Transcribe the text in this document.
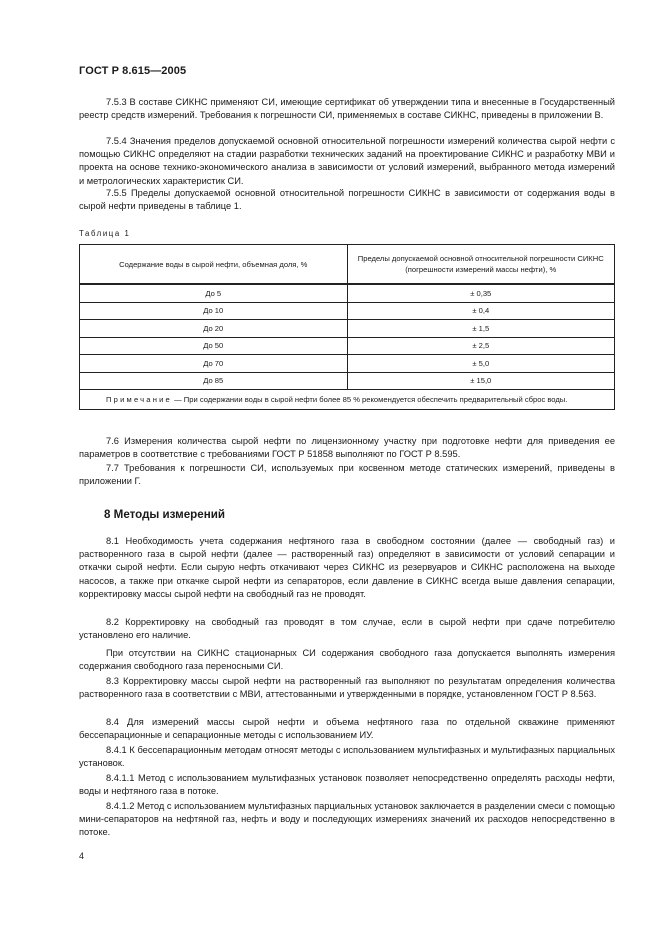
ГОСТ Р 8.615—2005

7.5.3 В составе СИКНС применяют СИ, имеющие сертификат об утверждении типа и внесенные в Государственный реестр средств измерений. Требования к погрешности СИ, применяемых в составе СИКНС, приведены в приложении В.

7.5.4 Значения пределов допускаемой основной относительной погрешности измерений количества сырой нефти с помощью СИКНС определяют на стадии разработки технических заданий на проектирование СИКНС и разработку МВИ и проекта на основе технико-экономического анализа в зависимости от условий измерений, выбранного метода измерений и метрологических характеристик СИ.

7.5.5 Пределы допускаемой основной относительной погрешности СИКНС в зависимости от содержания воды в сырой нефти приведены в таблице 1.

Таблица 1
Содержание воды в сырой нефти, объемная доля, %	Пределы допускаемой основной относительной погрешности СИКНС (погрешности измерений массы нефти), %
До 5	± 0,35
До 10	± 0,4
До 20	± 1,5
До 50	± 2,5
До 70	± 5,0
До 85	± 15,0
Примечание — При содержании воды в сырой нефти более 85 % рекомендуется обеспечить предварительный сброс воды.	

7.6 Измерения количества сырой нефти по лицензионному участку при подготовке нефти для приведения ее параметров в соответствие с требованиями ГОСТ Р 51858 выполняют по ГОСТ Р 8.595.

7.7 Требования к погрешности СИ, используемых при косвенном методе статических измерений, приведены в приложении Г.

8 Методы измерений

8.1 Необходимость учета содержания нефтяного газа в свободном состоянии (далее — свободный газ) и растворенного газа в сырой нефти (далее — растворенный газ) определяют в зависимости от условий сепарации и откачки сырой нефти. Если сырую нефть откачивают через СИКНС из резервуаров и СИКНС расположена на выходе насосов, а также при откачке сырой нефти из сепараторов, если давление в СИКНС всегда выше давления сепарации, корректировку массы сырой нефти на свободный газ не проводят.

8.2 Корректировку на свободный газ проводят в том случае, если в сырой нефти при сдаче потребителю установлено его наличие.

При отсутствии на СИКНС стационарных СИ содержания свободного газа допускается выполнять измерения содержания свободного газа переносными СИ.

8.3 Корректировку массы сырой нефти на растворенный газ выполняют по результатам определения количества растворенного газа в соответствии с МВИ, аттестованными и утвержденными в порядке, установленном ГОСТ Р 8.563.

8.4 Для измерений массы сырой нефти и объема нефтяного газа по отдельной скважине применяют бессепарационные и сепарационные методы с использованием ИУ.

8.4.1 К бессепарационным методам относят методы с использованием мультифазных и мультифазных парциальных установок.

8.4.1.1 Метод с использованием мультифазных установок позволяет непосредственно определять расходы нефти, воды и нефтяного газа в потоке.

8.4.1.2 Метод с использованием мультифазных парциальных установок заключается в разделении смеси с помощью мини-сепараторов на нефтяной газ, нефть и воду и последующих измерениях значений их расходов непосредственно в потоке.

4
